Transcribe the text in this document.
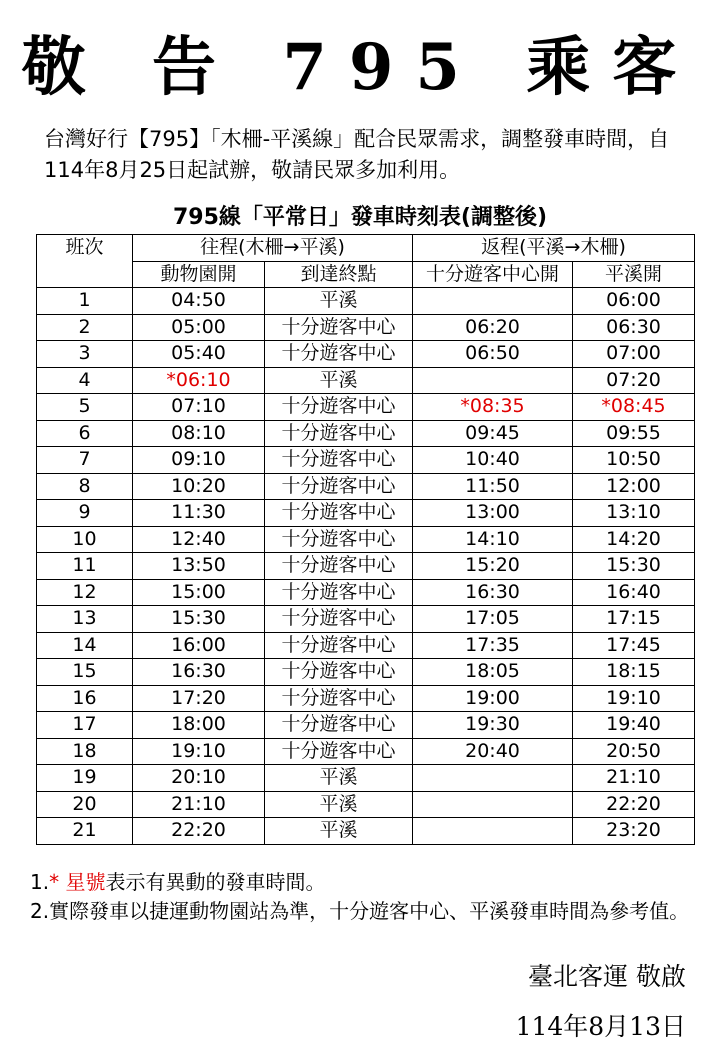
敬 告 795 乘客
台灣好行【795】「木柵-平溪線」配合民眾需求，調整發車時間，自114年8月25日起試辦，敬請民眾多加利用。
795線「平常日」發車時刻表(調整後)
班次	往程(木柵→平溪)		返程(平溪→木柵)	
	動物園開	到達終點	十分遊客中心開	平溪開
1	04:50	平溪		06:00
2	05:00	十分遊客中心	06:20	06:30
3	05:40	十分遊客中心	06:50	07:00
4	*06:10	平溪		07:20
5	07:10	十分遊客中心	*08:35	*08:45
6	08:10	十分遊客中心	09:45	09:55
7	09:10	十分遊客中心	10:40	10:50
8	10:20	十分遊客中心	11:50	12:00
9	11:30	十分遊客中心	13:00	13:10
10	12:40	十分遊客中心	14:10	14:20
11	13:50	十分遊客中心	15:20	15:30
12	15:00	十分遊客中心	16:30	16:40
13	15:30	十分遊客中心	17:05	17:15
14	16:00	十分遊客中心	17:35	17:45
15	16:30	十分遊客中心	18:05	18:15
16	17:20	十分遊客中心	19:00	19:10
17	18:00	十分遊客中心	19:30	19:40
18	19:10	十分遊客中心	20:40	20:50
19	20:10	平溪		21:10
20	21:10	平溪		22:20
21	22:20	平溪		23:20
1.* 星號表示有異動的發車時間。
2.實際發車以捷運動物園站為準，十分遊客中心、平溪發車時間為參考值。
臺北客運 敬啟
114年8月13日
